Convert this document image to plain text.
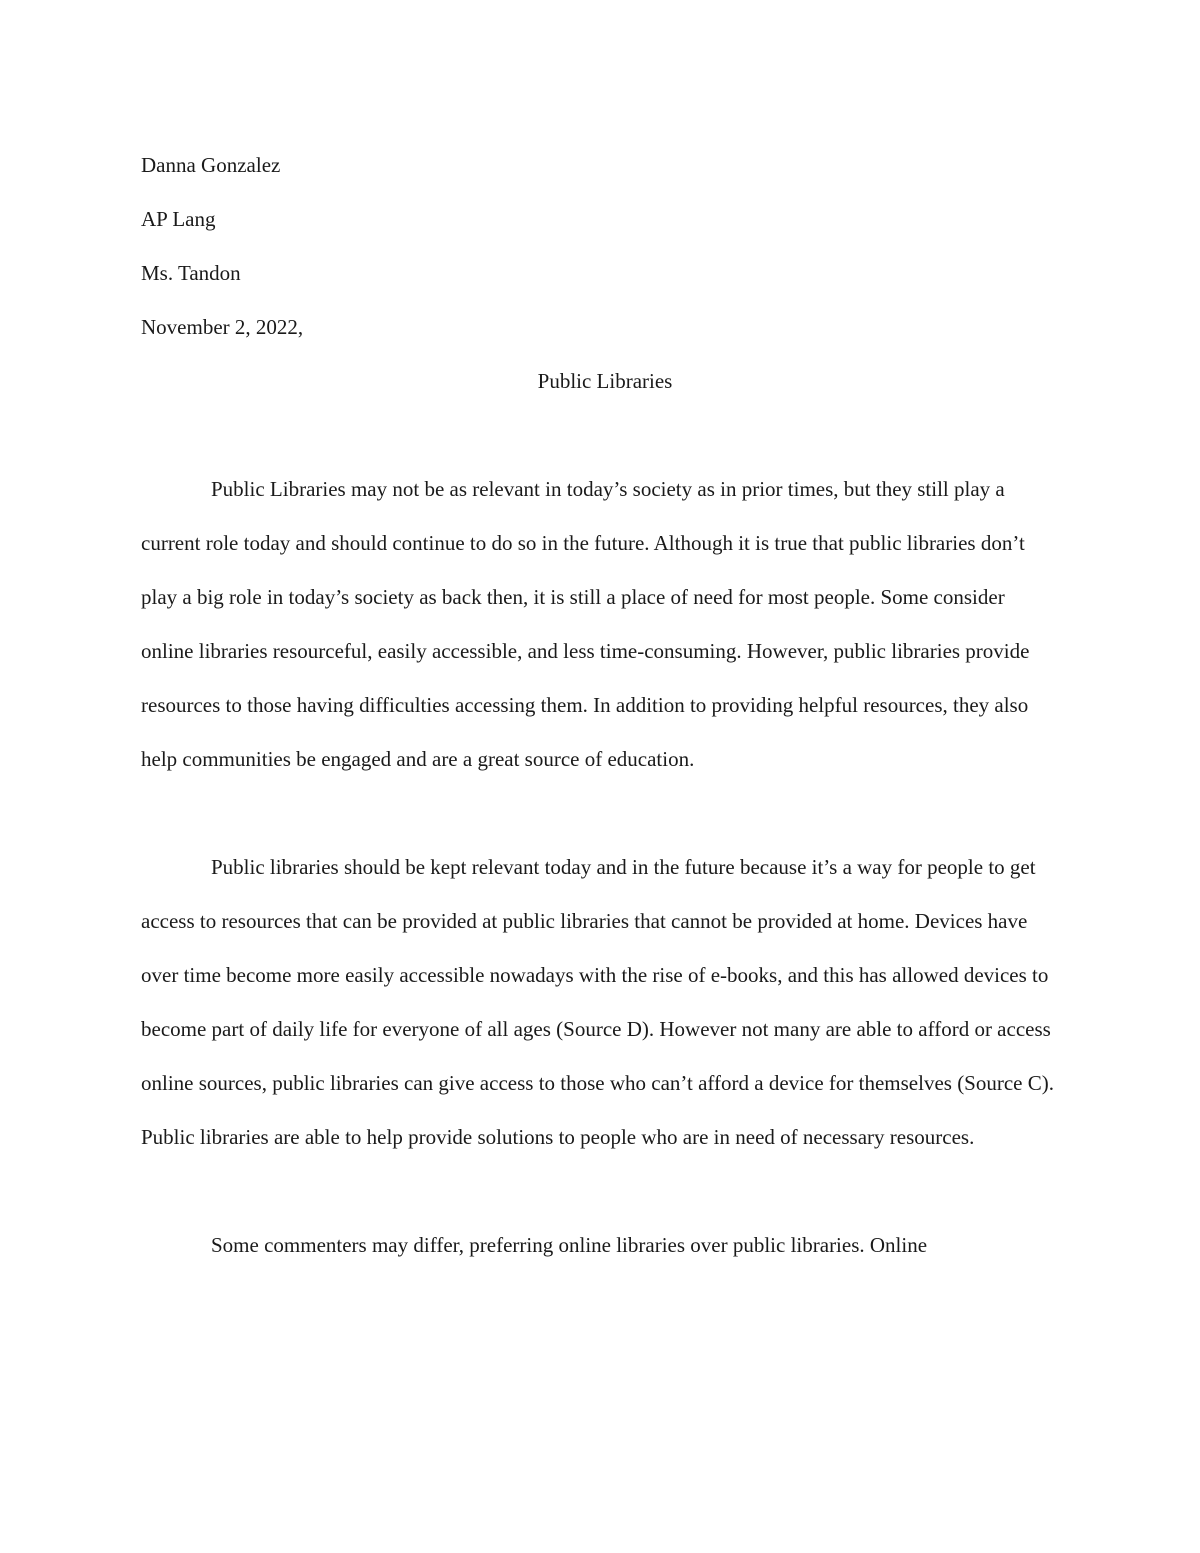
Danna Gonzalez

AP Lang

Ms. Tandon

November 2, 2022,

Public Libraries

Public Libraries may not be as relevant in today’s society as in prior times, but they still play a current role today and should continue to do so in the future. Although it is true that public libraries don’t play a big role in today’s society as back then, it is still a place of need for most people. Some consider online libraries resourceful, easily accessible, and less time-consuming. However, public libraries provide resources to those having difficulties accessing them. In addition to providing helpful resources, they also help communities be engaged and are a great source of education.

Public libraries should be kept relevant today and in the future because it’s a way for people to get access to resources that can be provided at public libraries that cannot be provided at home. Devices have over time become more easily accessible nowadays with the rise of e-books, and this has allowed devices to become part of daily life for everyone of all ages (Source D). However not many are able to afford or access online sources, public libraries can give access to those who can’t afford a device for themselves (Source C). Public libraries are able to help provide solutions to people who are in need of necessary resources.

Some commenters may differ, preferring online libraries over public libraries. Online
